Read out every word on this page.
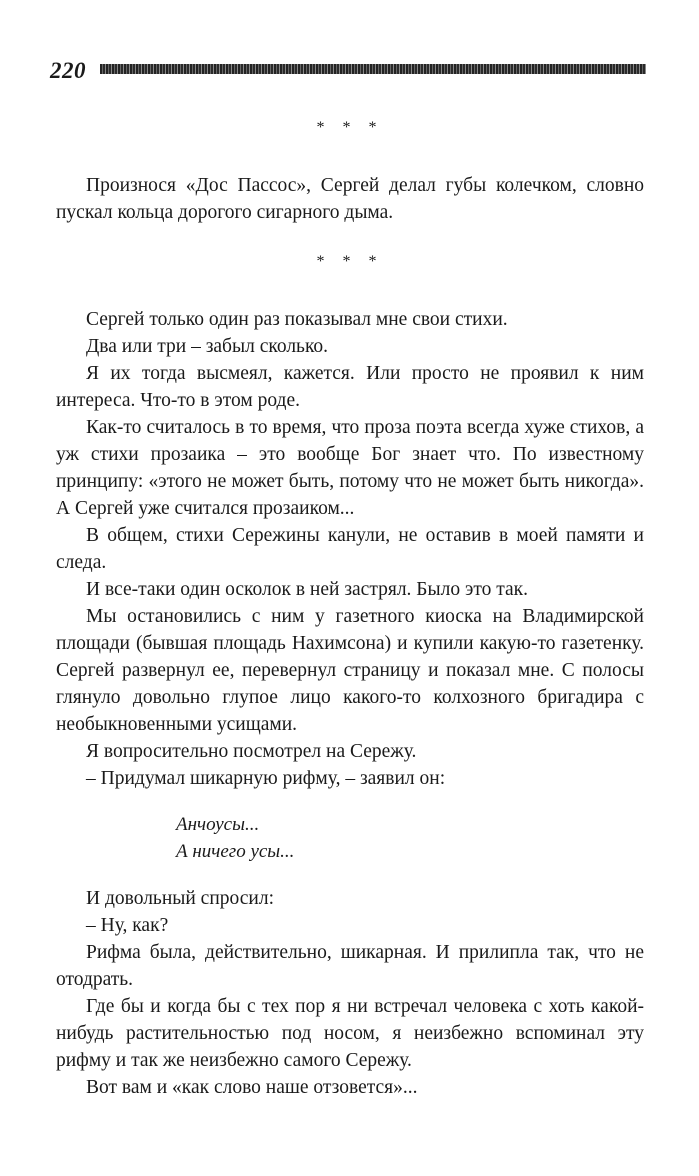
220
* * *

Произнося «Дос Пассос», Сергей делал губы колечком, словно пускал кольца дорогого сигарного дыма.

* * *

Сергей только один раз показывал мне свои стихи.

Два или три – забыл сколько.

Я их тогда высмеял, кажется. Или просто не проявил к ним интереса. Что-то в этом роде.

Как-то считалось в то время, что проза поэта всегда хуже стихов, а уж стихи прозаика – это вообще Бог знает что. По известному принципу: «этого не может быть, потому что не может быть никогда». А Сергей уже считался прозаиком...

В общем, стихи Сережины канули, не оставив в моей памяти и следа.

И все-таки один осколок в ней застрял. Было это так.

Мы остановились с ним у газетного киоска на Владимирской площади (бывшая площадь Нахимсона) и купили какую-то газетенку. Сергей развернул ее, перевернул страницу и показал мне. С полосы глянуло довольно глупое лицо какого-то колхозного бригадира с необыкновенными усищами.

Я вопросительно посмотрел на Сережу.

– Придумал шикарную рифму, – заявил он:

Анчоусы...
А ничего усы...

И довольный спросил:

– Ну, как?

Рифма была, действительно, шикарная. И прилипла так, что не отодрать.

Где бы и когда бы с тех пор я ни встречал человека с хоть какой-нибудь растительностью под носом, я неизбежно вспоминал эту рифму и так же неизбежно самого Сережу.

Вот вам и «как слово наше отзовется»...
